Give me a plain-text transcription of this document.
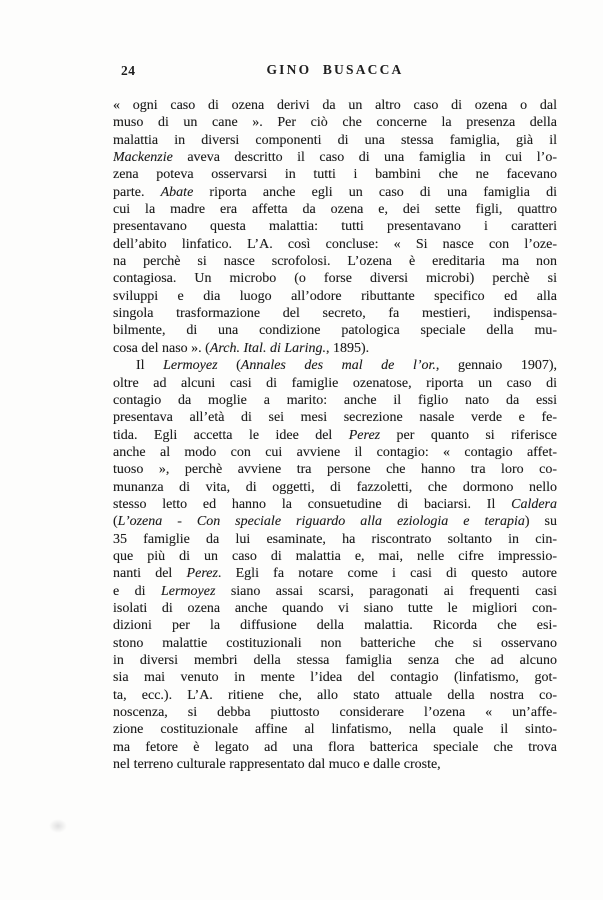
24	GINO BUSACCA
« ogni caso di ozena derivi da un altro caso di ozena o dal
muso di un cane ». Per ciò che concerne la presenza della
malattia in diversi componenti di una stessa famiglia, già il
Mackenzie aveva descritto il caso di una famiglia in cui l’o-
zena poteva osservarsi in tutti i bambini che ne facevano
parte. Abate riporta anche egli un caso di una famiglia di
cui la madre era affetta da ozena e, dei sette figli, quattro
presentavano questa malattia: tutti presentavano i caratteri
dell’abito linfatico. L’A. così concluse: « Si nasce con l’oze-
na perchè si nasce scrofolosi. L’ozena è ereditaria ma non
contagiosa. Un microbo (o forse diversi microbi) perchè si
sviluppi e dia luogo all’odore ributtante specifico ed alla
singola trasformazione del secreto, fa mestieri, indispensa-
bilmente, di una condizione patologica speciale della mu-
cosa del naso ». (Arch. Ital. di Laring., 1895).
Il Lermoyez (Annales des mal de l’or., gennaio 1907),
oltre ad alcuni casi di famiglie ozenatose, riporta un caso di
contagio da moglie a marito: anche il figlio nato da essi
presentava all’età di sei mesi secrezione nasale verde e fe-
tida. Egli accetta le idee del Perez per quanto si riferisce
anche al modo con cui avviene il contagio: « contagio affet-
tuoso », perchè avviene tra persone che hanno tra loro co-
munanza di vita, di oggetti, di fazzoletti, che dormono nello
stesso letto ed hanno la consuetudine di baciarsi. Il Caldera
(L’ozena - Con speciale riguardo alla eziologia e terapia) su
35 famiglie da lui esaminate, ha riscontrato soltanto in cin-
que più di un caso di malattia e, mai, nelle cifre impressio-
nanti del Perez. Egli fa notare come i casi di questo autore
e di Lermoyez siano assai scarsi, paragonati ai frequenti casi
isolati di ozena anche quando vi siano tutte le migliori con-
dizioni per la diffusione della malattia. Ricorda che esi-
stono malattie costituzionali non batteriche che si osservano
in diversi membri della stessa famiglia senza che ad alcuno
sia mai venuto in mente l’idea del contagio (linfatismo, got-
ta, ecc.). L’A. ritiene che, allo stato attuale della nostra co-
noscenza, si debba piuttosto considerare l’ozena « un’affe-
zione costituzionale affine al linfatismo, nella quale il sinto-
ma fetore è legato ad una flora batterica speciale che trova
nel terreno culturale rappresentato dal muco e dalle croste,
